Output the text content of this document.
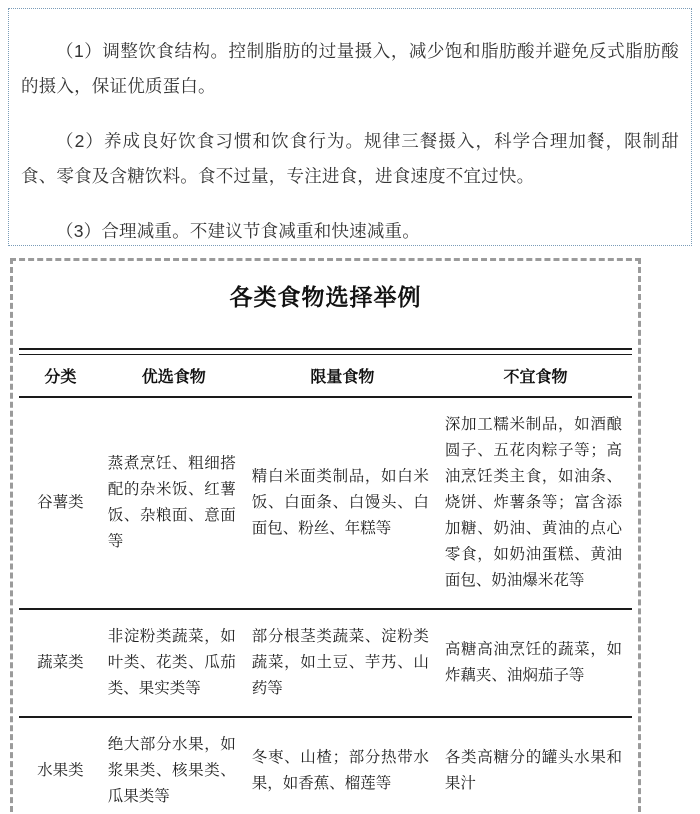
（1）调整饮食结构。控制脂肪的过量摄入，减少饱和脂肪酸并避免反式脂肪酸的摄入，保证优质蛋白。

（2）养成良好饮食习惯和饮食行为。规律三餐摄入，科学合理加餐，限制甜食、零食及含糖饮料。食不过量，专注进食，进食速度不宜过快。

（3）合理减重。不建议节食减重和快速减重。

各类食物选择举例
分类	优选食物	限量食物	不宜食物
谷薯类	蒸煮烹饪、粗细搭配的杂米饭、红薯饭、杂粮面、意面等	精白米面类制品，如白米饭、白面条、白馒头、白面包、粉丝、年糕等	深加工糯米制品，如酒酿圆子、五花肉粽子等；高油烹饪类主食，如油条、烧饼、炸薯条等；富含添加糖、奶油、黄油的点心零食，如奶油蛋糕、黄油面包、奶油爆米花等
蔬菜类	非淀粉类蔬菜，如叶类、花类、瓜茄类、果实类等	部分根茎类蔬菜、淀粉类蔬菜，如土豆、芋艿、山药等	高糖高油烹饪的蔬菜，如炸藕夹、油焖茄子等
水果类	绝大部分水果，如浆果类、核果类、瓜果类等	冬枣、山楂；部分热带水果，如香蕉、榴莲等	各类高糖分的罐头水果和果汁
